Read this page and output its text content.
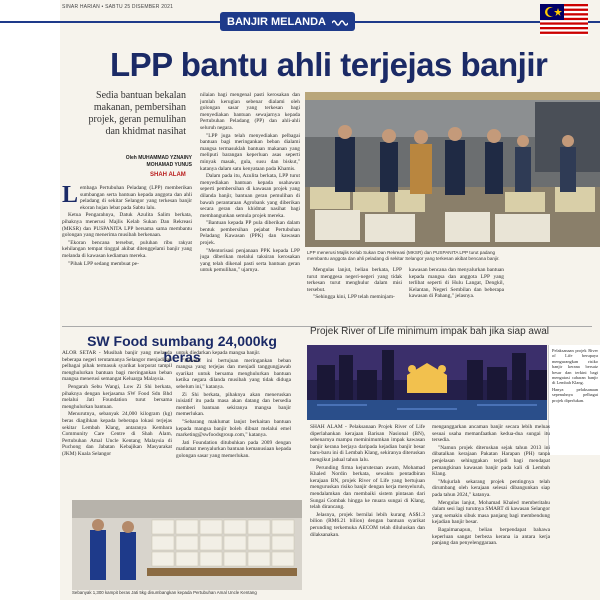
SINAR HARIAN • SABTU 25 DISEMBER 2021
BANJIR MELANDA
LPP bantu ahli terjejas banjir
Sedia bantuan bekalan makanan, pembersihan projek, geran pemulihan dan khidmat nasihat
Oleh MUHAMMAD YZNAINY
MOHAMAD YUNUS
SHAH ALAM
L embaga Pertubuhan Peladang (LPP) memberikan sumbangan serta bantuan kepada anggota dan ahli peladang di sekitar Selangor yang terkesan banjir ekoran hujan lebat pada Sabtu lalu.

Ketua Pengarahnya, Datuk Azulita Salim berkata, pihaknya menerusi Majlis Kelab Sukan Dan Rekreasi (MKSR) dan PUSPANITA LPP bersama sama membantu golongan yang menerima musibah berkenaan.

"Ekoran bencana tersebut, puluhan ribu rakyat kehilangan tempat tinggal akibat ditenggelami banjir yang melanda di kawasan kediaman mereka.

"Pihak LPP sedang membuat pe-

nilaian bagi mengenal pasti kerosakan dan jumlah kerugian sebenar dialami oleh golongan sasar yang terkesan bagi menyediakan bantuan sewajarnya kepada Pertubuhan Peladang (PP) dan ahli-ahli seluruh negara.

"LPP juga telah menyediakan pelbagai bantuan bagi meringankan beban dialami mangsa termasuklah bantuan makanan yang meliputi barangan keperluan asas seperti minyak masak, gula, susu dan biskut," katanya dalam satu kenyataan pada Khamis.

Dalam pada itu, Azulita berkata, LPP turut menyediakan bantuan kepada usahawan seperti pembersihan di kawasan projek yang dilanda banjir, bantuan geran pemulihan di bawah perantaraan Agrobank yang diberikan secara geran dan khidmat nasihat bagi membangunkan semula projek mereka.

"Bantuan kepada PP pula diberikan dalam bentuk pembersihan pejabat Pertubuhan Peladang Kawasan (PPK) dan kawasan projek.

"Mentorisasi penjanaan PPK kepada LPP juga diberikan melalui taksiran kerosakan yang telah dikenal pasti serta bantuan geran untuk pemulihan," ujarnya.

LPP menerusi Majlis Kelab Sukan Dan Rekreasi (MKSR) dan PUSPANITA LPP turut padang membantu anggota dan ahli peladang di sekitar Selangor yang terkesan akibat bencana banjir.

Mengulas lanjut, beliau berkata, LPP turut menggesa negeri-negeri yang tidak terkesan turut menghulur dalam misi tersebut.

"Sehingga kini, LPP telah meminjam-

kawasan bencana dan menyalurkan bantuan kepada mangsa dan anggota LPP yang terlibat seperti di Hulu Langat, Dengkil, Kelantan, Negeri Sembilan dan beberapa kawasan di Pahang," jelasnya.

SW Food sumbang 24,000kg beras

ALOR SETAR - Musibah banjir yang melanda beberapa negeri terutamanya Selangor menjadikan pelbagai pihak termasuk syarikat korporat tampil menghulurkan bantuan bagi meringankan beban mangsa menerusi semangat Keluarga Malaysia.

Pengarah Sebu Wangi, Low Zi Shi berkata, pihaknya dengan kerjasama SW Food Sdn Bhd melalui Jati Foundation turut bersama menghulurkan bantuan.

Menurutnya, sebanyak 24,000 kilogram (kg) beras diagihkan kepada beberapa lokasi terjejas sekitar Lembah Klang, antaranya Kembara Community Care Centre di Shah Alam, Pertubuhan Amal Uncle Kentang Malaysia di Puchong dan Jabatan Kebajikan Masyarakat (JKM) Kuala Selangor

untuk diedarkan kepada mangsa banjir.

"Inisiatif ini bertujuan meringankan beban mangsa yang terjejas dan menjadi tanggungjawab syarikat untuk bersama menghulurkan bantuan ketika negara dilanda musibah yang tidak diduga sebelum ini," katanya.

Zi Shi berkata, pihaknya akan meneruskan inisiatif itu pada masa akan datang dan bersedia memberi bantuan sekiranya mangsa banjir memerlukan.

"Sebarang maklumat lanjut berkaitan bantuan kepada mangsa banjir boleh dibuat melalui emel marketing@swfoodsgroup.com," katanya.

Jati Foundation ditubuhkan pada 2009 dengan matlamat menyalurkan bantuan kemanusiaan kepada golongan sasar yang memerlukan.

Sebanyak 1,300 kampit beras Jati 5kg disumbangkan kepada Pertubuhan Amal Uncle Kentang
Projek River of Life minimum impak bah jika siap awal

Pelaksanaan projek River of Life berupaya mengurangkan risiko banjir kerana bersaiz besar dan terkini bagi mengatasi cabaran banjir di Lembah Klang.

Hanya pelaksanaan sepenuhnya pelbagai projek diperlukan.

SHAH ALAM - Pelaksanaan Projek River of Life diperlahankan kerajaan Barisan Nasional (BN), sebenarnya mampu meminimumkan impak kawasan banjir kerana berjaya daripada kejadian banjir besar baru-baru ini di Lembah Klang, sekiranya diteruskan mengikut jadual tahun lalu.

Perunding firma kejuruteraan awam, Mohamad Khaled Nordin berkata, sewaktu pentadbiran kerajaan BN, projek River of Life yang bertujuan menguruskan risiko banjir dengan kerja menyeluruh, mendalamkan dan membaiki sistem pintasan dari Sungai Gombak hingga ke muara sungai di Klang, telah dirancang.

Jelasnya, projek bernilai lebih kurang AS$1.3 bilion (RM6.21 bilion) dengan bantuan syarikat perunding terkemuka AECOM telah diluluskan dan dilaksanakan.

menganggarkan ancaman banjir secara lebih meluas sesuai usaha memanfaatkan kedua-dua sungai itu tersedia.

"Namun projek diteruskan sejak tahun 2013 ini dibatalkan kerajaan Pakatan Harapan (PH) tanpa penjelasan sehinggakan terjadi bagi mendapat pemangkinan kawasan banjir pada kali di Lembah Klang.

"Mujurlah sekarang projek pentingnya telah dirumbang oleh kerajaan selesai dibangunkan siap pada tahun 2024," katanya.

Mengulas lanjut, Mohamad Khaled memberitahu dalam sesi lagi turutnya SMART di kawasan Selangor yang semakin sibuk masa panjang bagi membendung kejadian banjir besar.

Bagaimanapun, beliau berpendapat bahawa keperluan sangat berbeza kerana ia antara kerja panjang dan penyelenggaraan.
